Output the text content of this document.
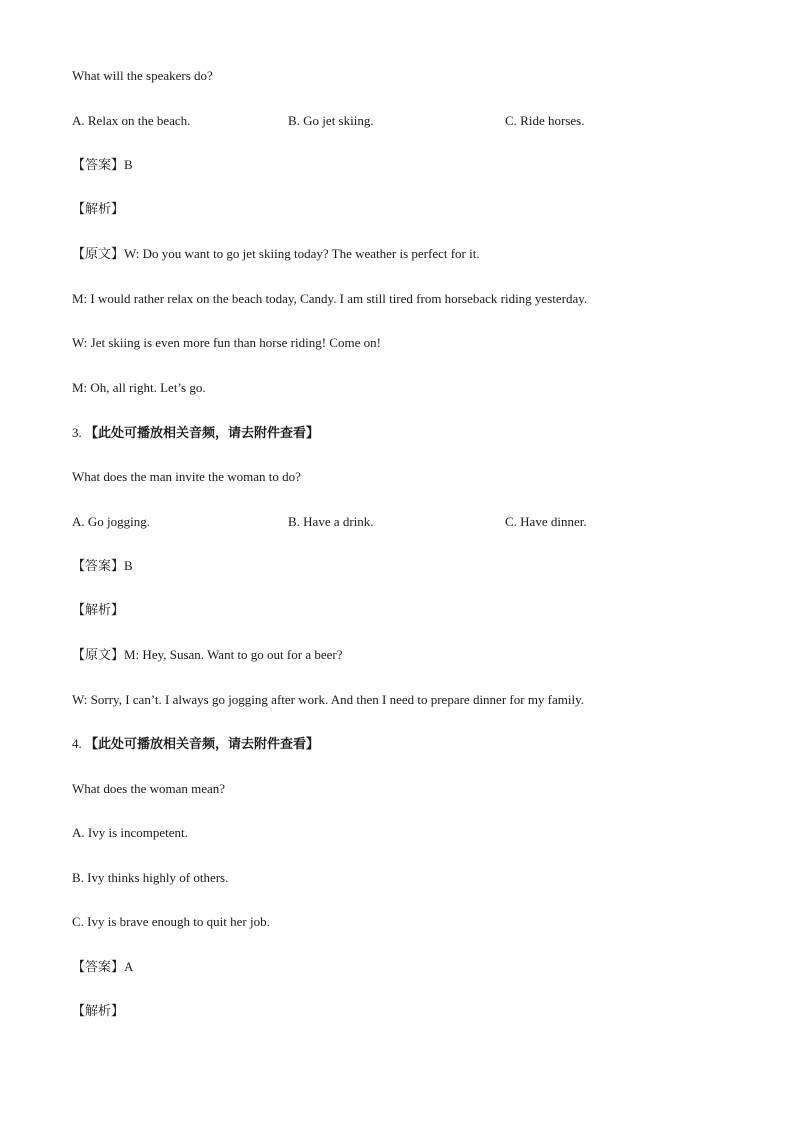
What will the speakers do?
A. Relax on the beach.	B. Go jet skiing.	C. Ride horses.
【答案】B
【解析】
【原文】W: Do you want to go jet skiing today? The weather is perfect for it.
M: I would rather relax on the beach today, Candy. I am still tired from horseback riding yesterday.
W: Jet skiing is even more fun than horse riding! Come on!
M: Oh, all right. Let’s go.
3. 【此处可播放相关音频，请去附件查看】
What does the man invite the woman to do?
A. Go jogging.	B. Have a drink.	C. Have dinner.
【答案】B
【解析】
【原文】M: Hey, Susan. Want to go out for a beer?
W: Sorry, I can’t. I always go jogging after work. And then I need to prepare dinner for my family.
4. 【此处可播放相关音频，请去附件查看】
What does the woman mean?
A. Ivy is incompetent.
B. Ivy thinks highly of others.
C. Ivy is brave enough to quit her job.
【答案】A
【解析】
